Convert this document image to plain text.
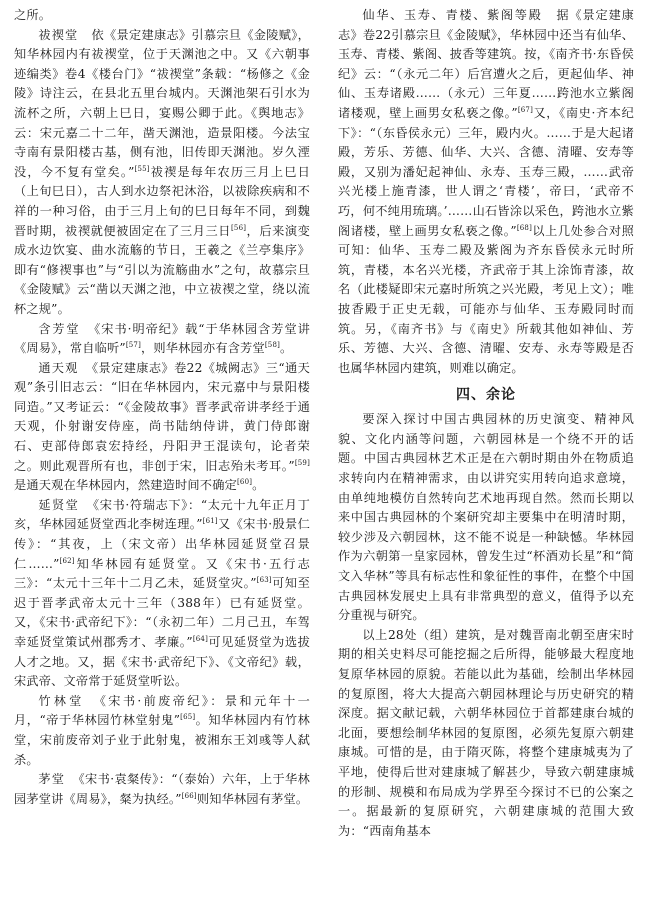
之所。

祓禊堂 依《景定建康志》引慕宗旦《金陵赋》，知华林园内有祓禊堂，位于天渊池之中。又《六朝事迹编类》卷4《楼台门》“祓禊堂”条载：“杨修之《金陵》诗注云，在县北五里台城内。天渊池架石引水为流杯之所，六朝上巳日，宴赐公卿于此。《舆地志》云：宋元嘉二十二年，凿天渊池，造景阳楼。今法宝寺南有景阳楼古基，侧有池，旧传即天渊池。岁久湮没，今不复有堂矣。”[55]祓禊是每年农历三月上巳日（上旬巳日），古人到水边祭祀沐浴，以祓除疾病和不祥的一种习俗，由于三月上旬的巳日每年不同，到魏晋时期，祓禊就便被固定在了三月三日[56]，后来演变成水边饮宴、曲水流觞的节日，王羲之《兰亭集序》即有“修禊事也”与“引以为流觞曲水”之句，故慕宗旦《金陵赋》云“凿以天渊之池，中立祓禊之堂，绕以流杯之规”。

含芳堂 《宋书·明帝纪》载“于华林园含芳堂讲《周易》，常自临听”[57]，则华林园亦有含芳堂[58]。

通天观 《景定建康志》卷22《城阙志》三“通天观”条引旧志云：“旧在华林园内，宋元嘉中与景阳楼同造。”又考证云：“《金陵故事》晋孝武帝讲孝经于通天观，仆射谢安侍座，尚书陆纳侍讲，黄门侍郎谢石、吏部侍郎袁宏持经，丹阳尹王混读句，论者荣之。则此观晋所有也，非创于宋，旧志殆未考耳。”[59]是通天观在华林园内，然建造时间不确定[60]。

延贤堂 《宋书·符瑞志下》：“太元十九年正月丁亥，华林园延贤堂西北李树连理。”[61]又《宋书·殷景仁传》：“其夜，上（宋文帝）出华林园延贤堂召景仁……”[62]知华林园有延贤堂。又《宋书·五行志三》：“太元十三年十二月乙未，延贤堂灾。”[63]可知至迟于晋孝武帝太元十三年（388年）已有延贤堂。又，《宋书·武帝纪下》：“（永初二年）二月己丑，车驾幸延贤堂策试州郡秀才、孝廉。”[64]可见延贤堂为选拔人才之地。又，据《宋书·武帝纪下》、《文帝纪》载，宋武帝、文帝常于延贤堂听讼。

竹林堂 《宋书·前废帝纪》：景和元年十一月，“帝于华林园竹林堂射鬼”[65]。知华林园内有竹林堂，宋前废帝刘子业于此射鬼，被湘东王刘彧等人弑杀。

茅堂 《宋书·袁粲传》：“（泰始）六年，上于华林园茅堂讲《周易》，粲为执经。”[66]则知华林园有茅堂。

仙华、玉寿、青楼、紫阁等殿 据《景定建康志》卷22引慕宗旦《金陵赋》，华林园中还当有仙华、玉寿、青楼、紫阁、披香等建筑。按，《南齐书·东昏侯纪》云：“（永元二年）后宫遭火之后，更起仙华、神仙、玉寿诸殿……（永元）三年夏……跨池水立紫阁诸楼观，壁上画男女私亵之像。”[67]又，《南史·齐本纪下》：“（东昏侯永元）三年，殿内火。……于是大起诸殿，芳乐、芳德、仙华、大兴、含德、清曜、安寿等殿，又别为潘妃起神仙、永寿、玉寿三殿，……武帝兴光楼上施青漆，世人谓之‘青楼’，帝曰，‘武帝不巧，何不纯用琉璃。’……山石皆涂以采色，跨池水立紫阁诸楼，壁上画男女私亵之像。”[68]以上几处参合对照可知：仙华、玉寿二殿及紫阁为齐东昏侯永元时所筑，青楼，本名兴光楼，齐武帝于其上涂饰青漆，故名（此楼疑即宋元嘉时所筑之兴光殿，考见上文）；唯披香殿于正史无载，可能亦与仙华、玉寿殿同时而筑。另，《南齐书》与《南史》所载其他如神仙、芳乐、芳德、大兴、含德、清曜、安寿、永寿等殿是否也属华林园内建筑，则难以确定。

四、余论

要深入探讨中国古典园林的历史演变、精神风貌、文化内涵等问题，六朝园林是一个绕不开的话题。中国古典园林艺术正是在六朝时期由外在物质追求转向内在精神需求，由以讲究实用转向追求意境，由单纯地模仿自然转向艺术地再现自然。然而长期以来中国古典园林的个案研究却主要集中在明清时期，较少涉及六朝园林，这不能不说是一种缺憾。华林园作为六朝第一皇家园林，曾发生过“杯酒劝长星”和“简文入华林”等具有标志性和象征性的事件，在整个中国古典园林发展史上具有非常典型的意义，值得予以充分重视与研究。

以上28处（组）建筑，是对魏晋南北朝至唐宋时期的相关史料尽可能挖掘之后所得，能够最大程度地复原华林园的原貌。若能以此为基础，绘制出华林园的复原图，将大大提高六朝园林理论与历史研究的精深度。据文献记载，六朝华林园位于首都建康台城的北面，要想绘制华林园的复原图，必须先复原六朝建康城。可惜的是，由于隋灭陈，将整个建康城夷为了平地，使得后世对建康城了解甚少，导致六朝建康城的形制、规模和布局成为学界至今探讨不已的公案之一。据最新的复原研究，六朝建康城的范围大致为：“西南角基本
